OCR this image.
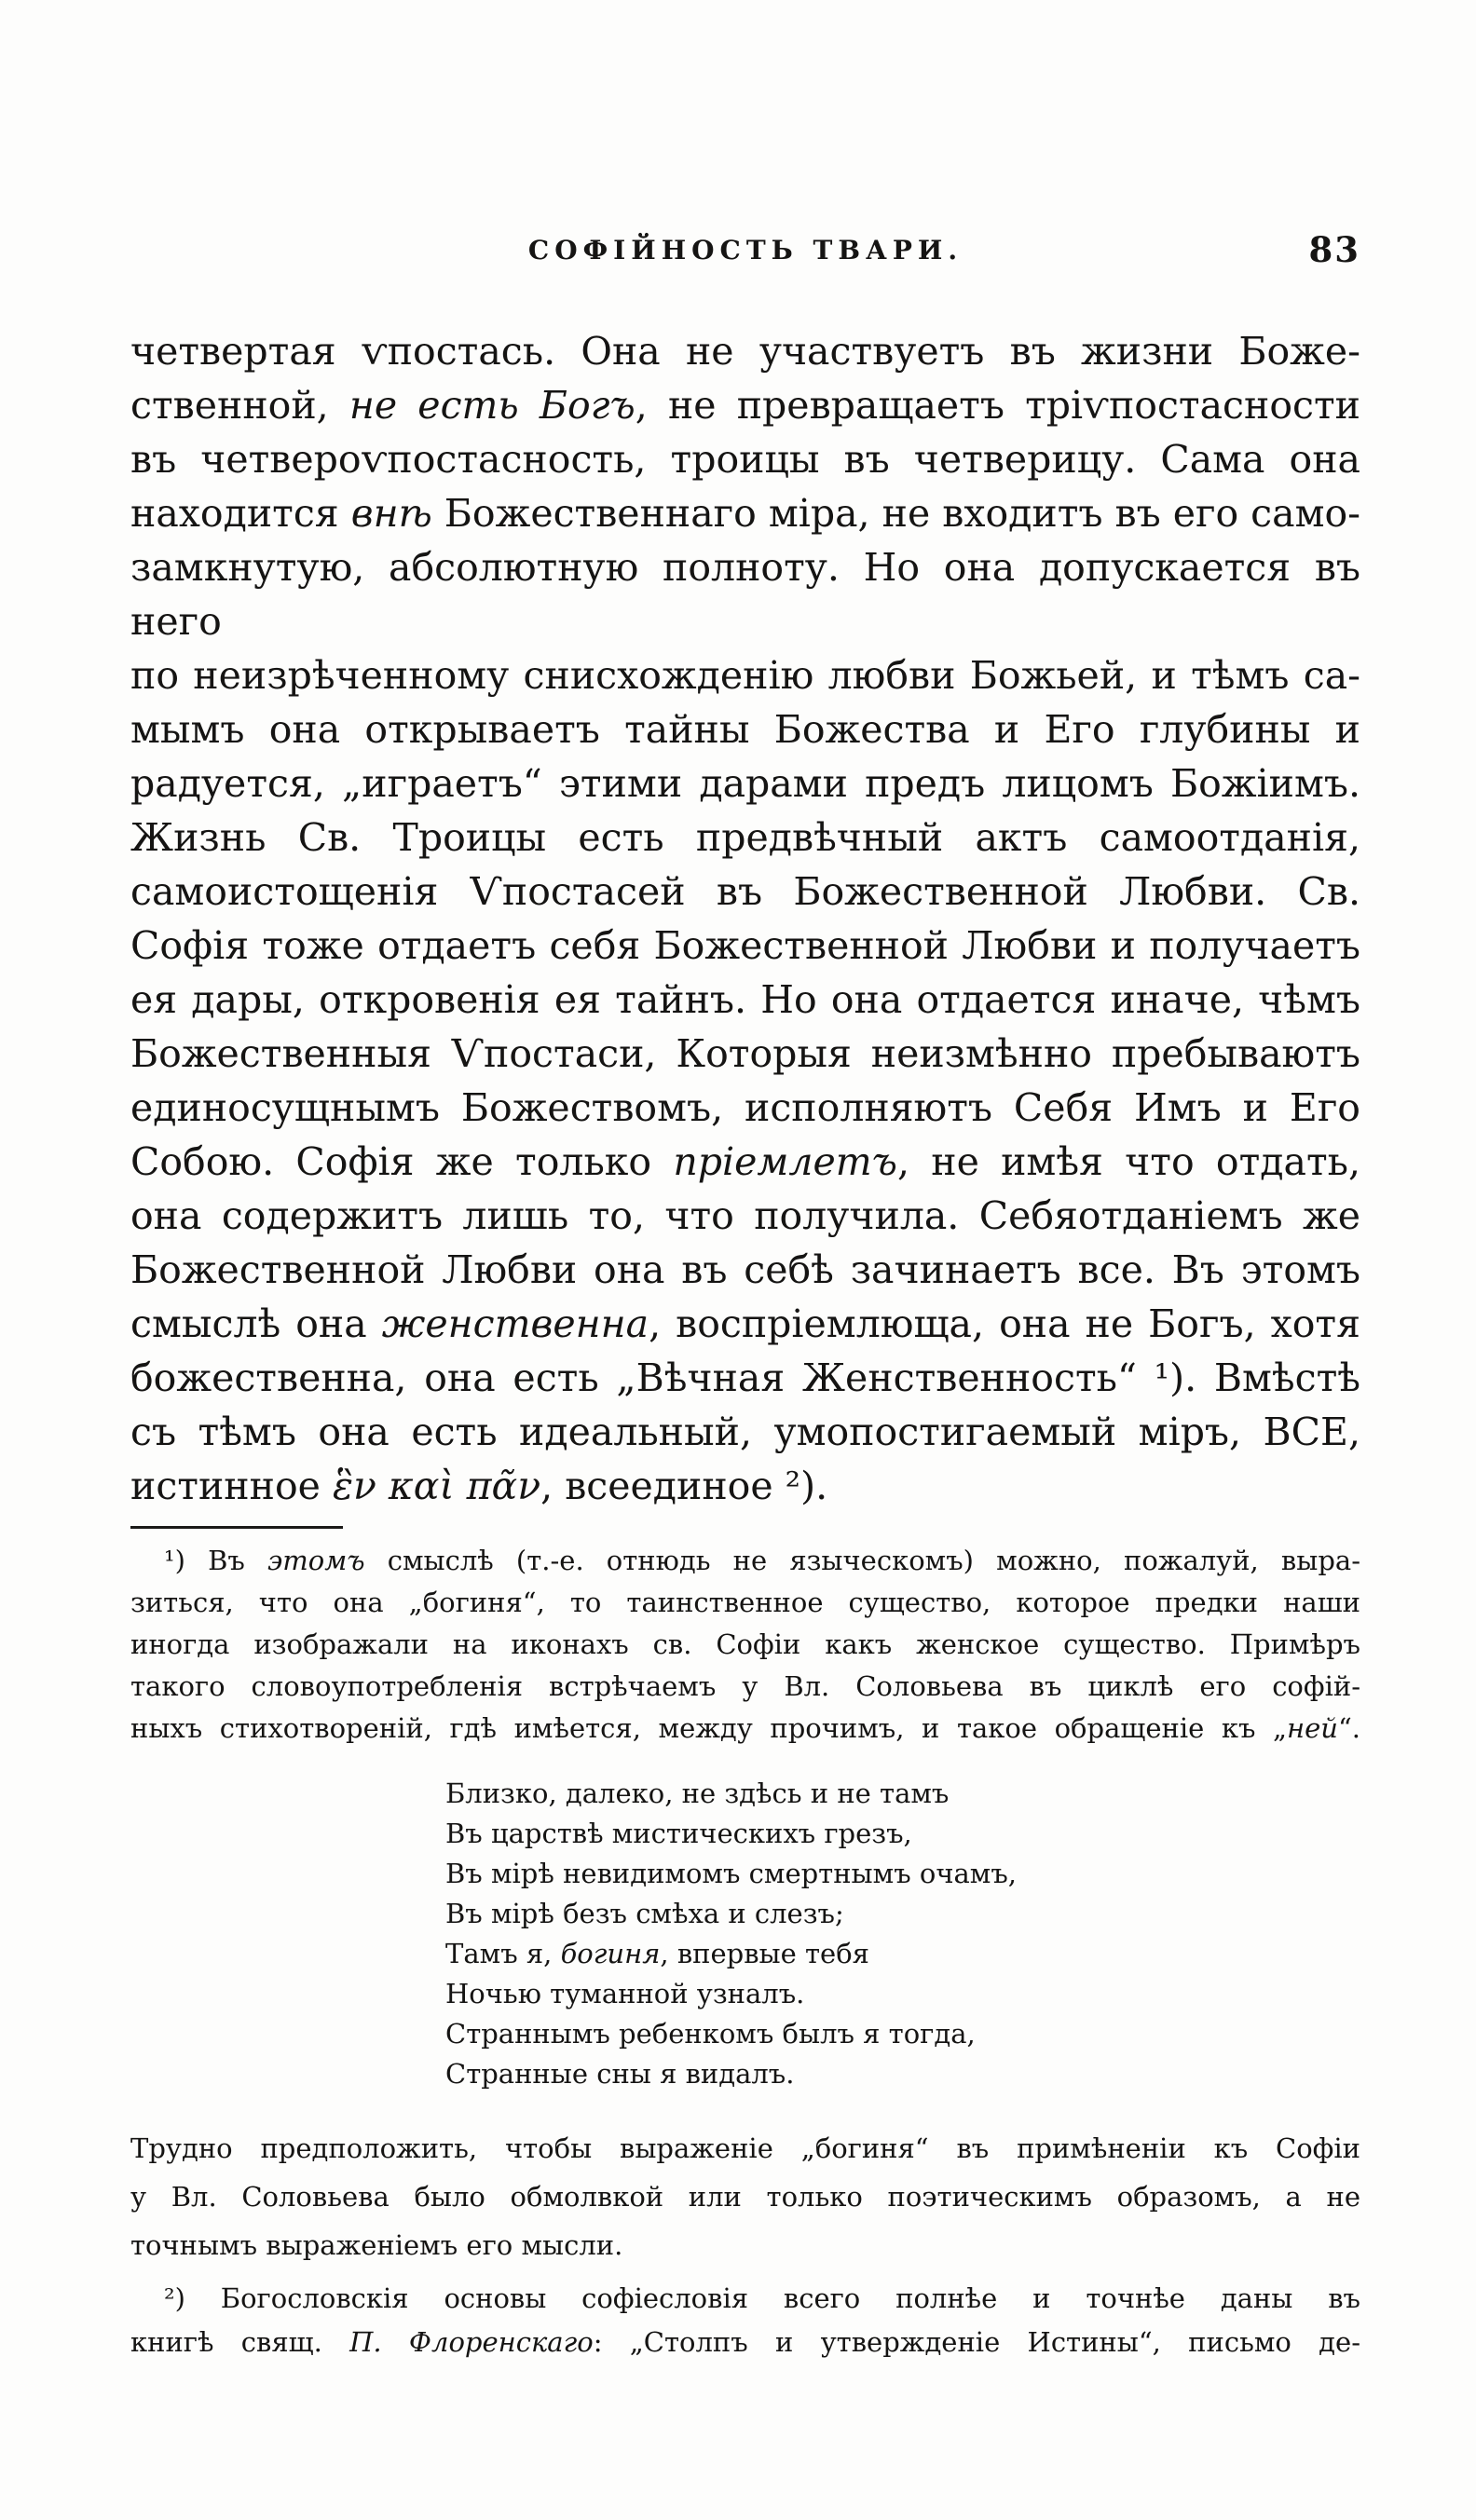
СОФІЙНОСТЬ ТВАРИ.	83
четвертая ѵпостась. Она не участвуетъ въ жизни Боже-
ственной, не есть Богъ, не превращаетъ тріѵпостасности
въ четвероѵпостасность, троицы въ четверицу. Сама она
находится внѣ Божественнаго міра, не входитъ въ его само-
замкнутую, абсолютную полноту. Но она допускается въ него
по неизрѣченному снисхожденію любви Божьей, и тѣмъ са-
мымъ она открываетъ тайны Божества и Его глубины и
радуется, „играетъ“ этими дарами предъ лицомъ Божіимъ.
Жизнь Св. Троицы есть предвѣчный актъ самоотданія,
самоистощенія Ѵпостасей въ Божественной Любви. Св.
Софія тоже отдаетъ себя Божественной Любви и получаетъ
ея дары, откровенія ея тайнъ. Но она отдается иначе, чѣмъ
Божественныя Ѵпостаси, Которыя неизмѣнно пребываютъ
единосущнымъ Божествомъ, исполняютъ Себя Имъ и Его
Собою. Софія же только пріемлетъ, не имѣя что отдать,
она содержитъ лишь то, что получила. Себяотданіемъ же
Божественной Любви она въ себѣ зачинаетъ все. Въ этомъ
смыслѣ она женственна, воспріемлюща, она не Богъ, хотя
божественна, она есть „Вѣчная Женственность“ ¹). Вмѣстѣ
съ тѣмъ она есть идеальный, умопостигаемый міръ, ВСЕ,
истинное ἓν καὶ πᾶν, всеединое ²).
¹) Въ этомъ смыслѣ (т.-е. отнюдь не языческомъ) можно, пожалуй, выра-
зиться, что она „богиня“, то таинственное существо, которое предки наши
иногда изображали на иконахъ св. Софіи какъ женское существо. Примѣръ
такого словоупотребленія встрѣчаемъ у Вл. Соловьева въ циклѣ его софій-
ныхъ стихотвореній, гдѣ имѣется, между прочимъ, и такое обращеніе къ „ней“.
Близко, далеко, не здѣсь и не тамъ
Въ царствѣ мистическихъ грезъ,
Въ мірѣ невидимомъ смертнымъ очамъ,
Въ мірѣ безъ смѣха и слезъ;
Тамъ я, богиня, впервые тебя
Ночью туманной узналъ.
Страннымъ ребенкомъ былъ я тогда,
Странные сны я видалъ.
Трудно предположить, чтобы выраженіе „богиня“ въ примѣненіи къ Софіи
у Вл. Соловьева было обмолвкой или только поэтическимъ образомъ, а не
точнымъ выраженіемъ его мысли.
²) Богословскія основы софіесловія всего полнѣе и точнѣе даны въ
книгѣ свящ. П. Флоренскаго: „Столпъ и утвержденіе Истины“, письмо де-
